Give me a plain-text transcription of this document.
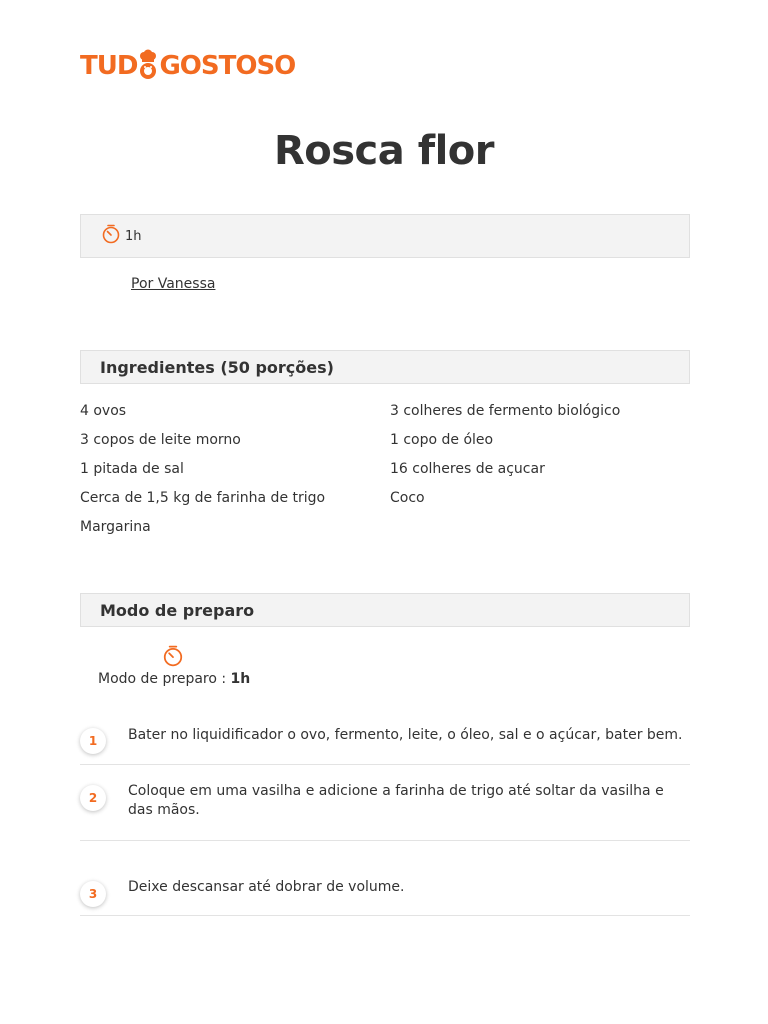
TUD GOSTOSO
Rosca flor
1h
Por Vanessa
Ingredientes (50 porções)
4 ovos
3 copos de leite morno
1 pitada de sal
Cerca de 1,5 kg de farinha de trigo
Margarina
3 colheres de fermento biológico
1 copo de óleo
16 colheres de açucar
Coco
Modo de preparo
Modo de preparo : 1h
1	Bater no liquidificador o ovo, fermento, leite, o óleo, sal e o açúcar, bater bem.
2	Coloque em uma vasilha e adicione a farinha de trigo até soltar da vasilha e das mãos.
3	Deixe descansar até dobrar de volume.
